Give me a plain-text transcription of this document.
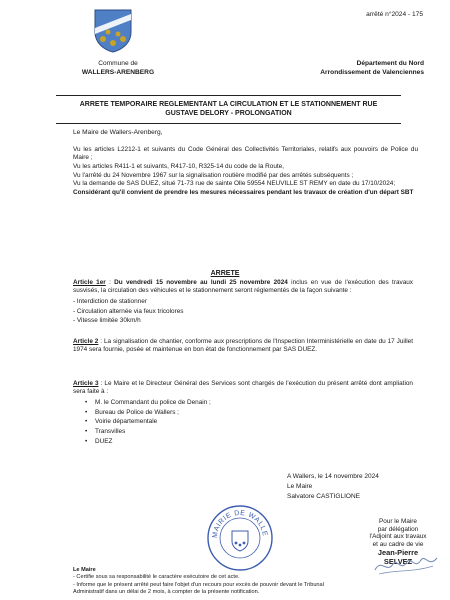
arrêté n°2024 - 175
Commune de
WALLERS-ARENBERG
Département du Nord
Arrondissement de Valenciennes
ARRETE TEMPORAIRE REGLEMENTANT LA CIRCULATION ET LE STATIONNEMENT RUE
GUSTAVE DELORY - PROLONGATION
Le Maire de Wallers-Arenberg,
Vu les articles L2212-1 et suivants du Code Général des Collectivités Territoriales, relatifs aux pouvoirs de Police du Maire ;
Vu les articles R411-1 et suivants, R417-10, R325-14 du code de la Route,
Vu l'arrêté du 24 Novembre 1967 sur la signalisation routière modifié par des arrêtés subséquents ;
Vu la demande de SAS DUEZ, situé 71-73 rue de sainte Olle 59554 NEUVILLE ST REMY en date du 17/10/2024;
Considérant qu'il convient de prendre les mesures nécessaires pendant les travaux de création d'un départ SBT
ARRETE
Article 1er : Du vendredi 15 novembre au lundi 25 novembre 2024 inclus en vue de l'exécution des travaux susvisés, la circulation des véhicules et le stationnement seront réglementés de la façon suivante :
- Interdiction de stationner
- Circulation alternée via feux tricolores
- Vitesse limitée 30km/h
Article 2 : La signalisation de chantier, conforme aux prescriptions de l'Inspection Interministérielle en date du 17 Juillet 1974 sera fournie, posée et maintenue en bon état de fonctionnement par SAS DUEZ.
Article 3 : Le Maire et le Directeur Général des Services sont chargés de l'exécution du présent arrêté dont ampliation sera faite à :
• M. le Commandant du police de Denain ;
• Bureau de Police de Wallers ;
• Voirie départementale
• Transvilles
• DUEZ
A Wallers, le 14 novembre 2024
Le Maire
Salvatore CASTIGLIONE
MAIRIE DE WALLE
Pour le Maire
par délégation
l'Adjoint aux travaux
et au cadre de vie
Jean-Pierre SELVEZ
Le Maire
- Certifie sous sa responsabilité le caractère exécutoire de cet acte.
- Informe que le présent arrêté peut faire l'objet d'un recours pour excès de pouvoir devant le Tribunal
Administratif dans un délai de 2 mois, à compter de la présente notification.
